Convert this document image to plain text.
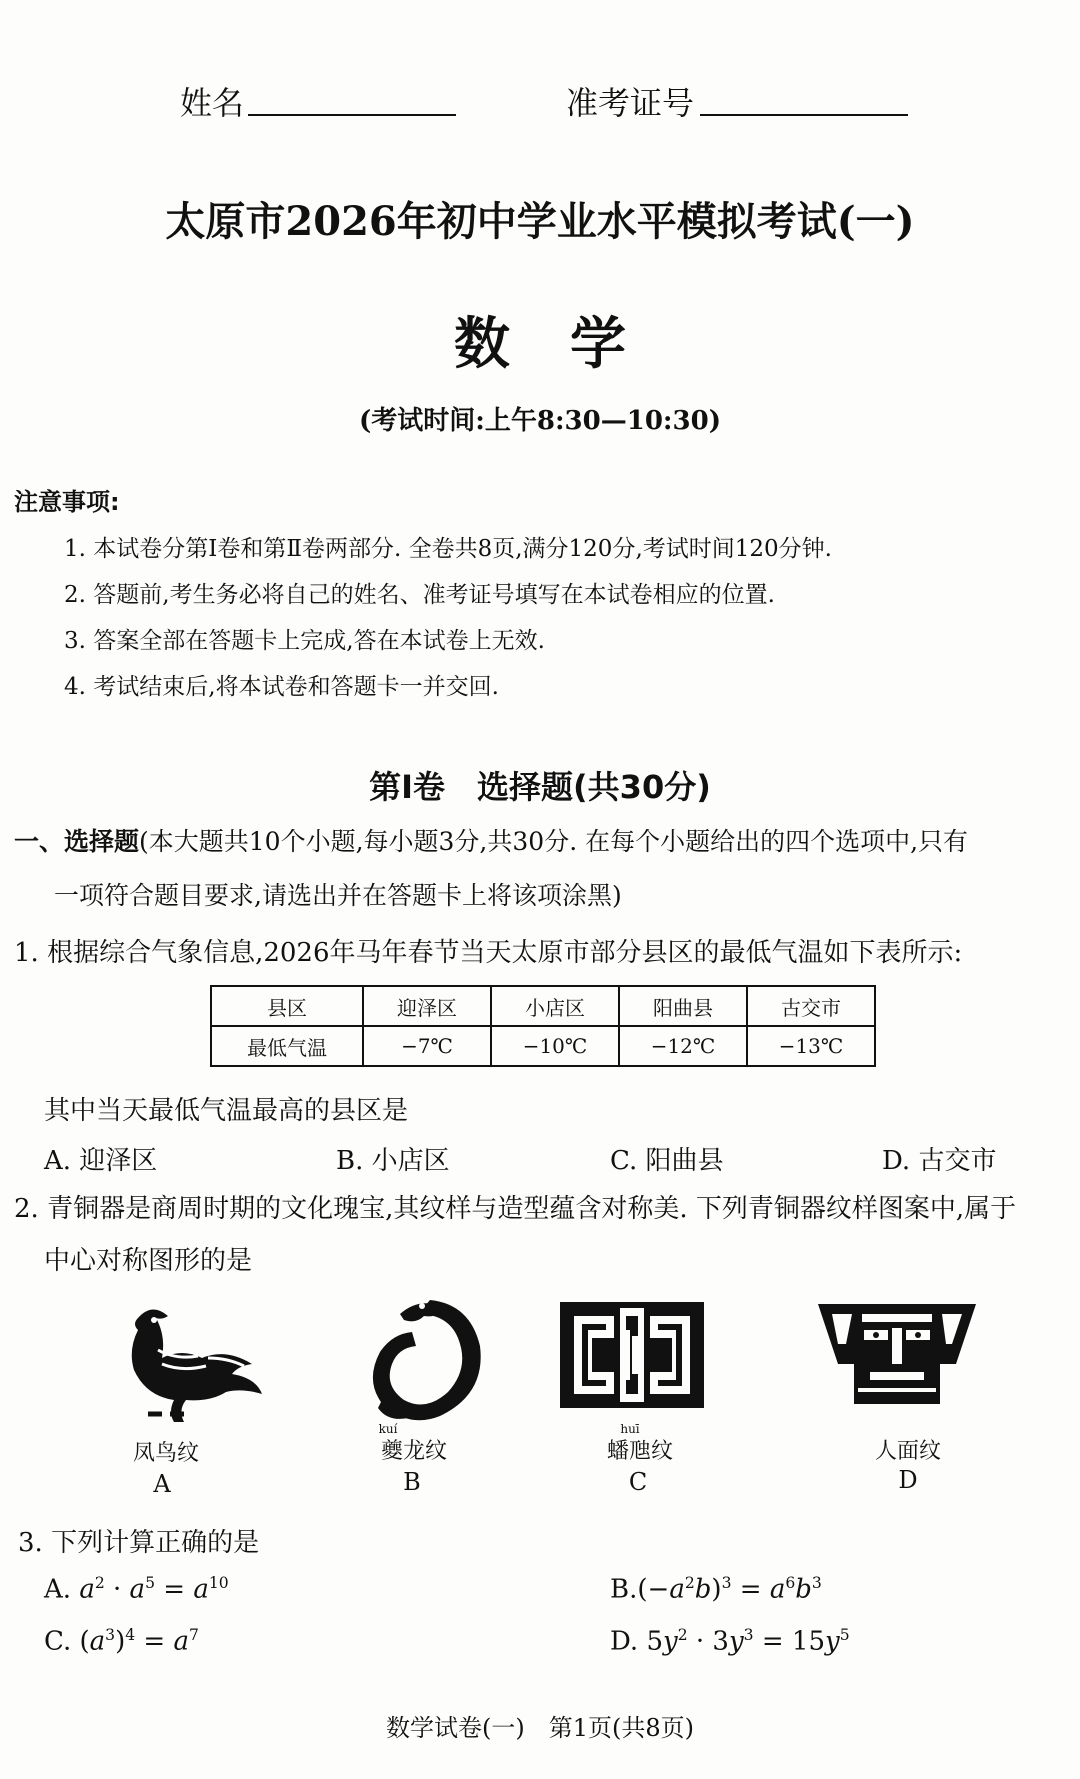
姓名	准考证号
太原市2026年初中学业水平模拟考试(一)
数学
(考试时间:上午8:30—10:30)
注意事项:
1. 本试卷分第Ⅰ卷和第Ⅱ卷两部分. 全卷共8页,满分120分,考试时间120分钟.
2. 答题前,考生务必将自己的姓名、准考证号填写在本试卷相应的位置.
3. 答案全部在答题卡上完成,答在本试卷上无效.
4. 考试结束后,将本试卷和答题卡一并交回.
第Ⅰ卷　选择题(共30分)
一、选择题(本大题共10个小题,每小题3分,共30分. 在每个小题给出的四个选项中,只有
一项符合题目要求,请选出并在答题卡上将该项涂黑)
1. 根据综合气象信息,2026年马年春节当天太原市部分县区的最低气温如下表所示:
县区	迎泽区	小店区	阳曲县	古交市
最低气温	−7℃	−10℃	−12℃	−13℃
其中当天最低气温最高的县区是
A. 迎泽区	B. 小店区	C. 阳曲县	D. 古交市
2. 青铜器是商周时期的文化瑰宝,其纹样与造型蕴含对称美. 下列青铜器纹样图案中,属于
中心对称图形的是
kuí	huī
凤鸟纹	夔龙纹	蟠虺纹	人面纹
A	B	C	D
3. 下列计算正确的是
A. $a^2 \cdot a^5 = a^{10}$	$B.(-a^2b)^3 = a^6b^3$
C. $(a^3)^4 = a^7$	D. $5y^2 \cdot 3y^3 = 15y^5$
数学试卷(一)　第1页(共8页)
